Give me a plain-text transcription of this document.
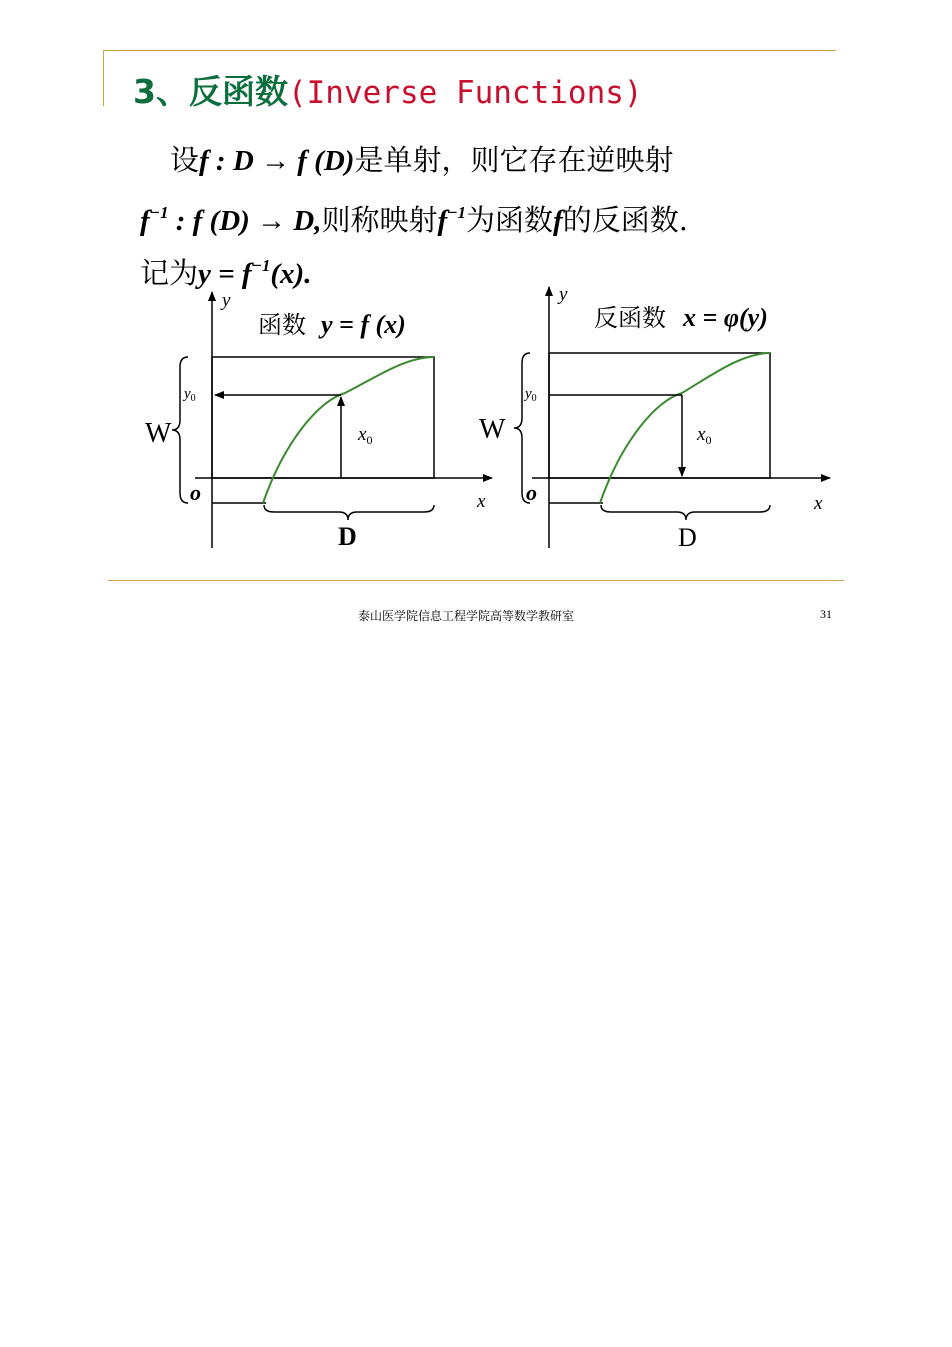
3、反函数(Inverse Functions)
设f : D → f (D)是单射，则它存在逆映射
$f^{-1}$ : f (D) → D,则称映射$f^{-1}$为函数f的反函数.
记为$y = f^{-1}(x)$.
函数 y = f (x)
y
x
o
$y_0$
$x_0$
W
D
反函数 x = φ(y)
y
x
o
$y_0$
$x_0$
W
D
泰山医学院信息工程学院高等数学教研室	31
